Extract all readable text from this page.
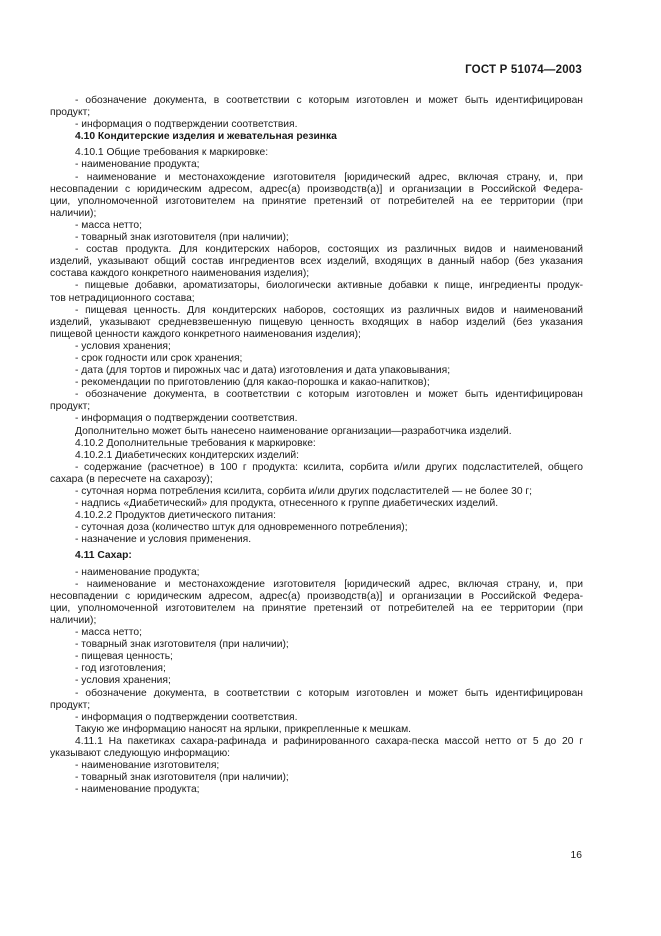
ГОСТ Р 51074—2003
- обозначение документа, в соответствии с которым изготовлен и может быть идентифицирован
продукт;
- информация о подтверждении соответствия.
4.10 Кондитерские изделия и жевательная резинка
4.10.1 Общие требования к маркировке:
- наименование продукта;
- наименование и местонахождение изготовителя [юридический адрес, включая страну, и, при
несовпадении с юридическим адресом, адрес(а) производств(а)] и организации в Российской Федера-
ции, уполномоченной изготовителем на принятие претензий от потребителей на ее территории (при
наличии);
- масса нетто;
- товарный знак изготовителя (при наличии);
- состав продукта. Для кондитерских наборов, состоящих из различных видов и наименований
изделий, указывают общий состав ингредиентов всех изделий, входящих в данный набор (без указания
состава каждого конкретного наименования изделия);
- пищевые добавки, ароматизаторы, биологически активные добавки к пище, ингредиенты продук-
тов нетрадиционного состава;
- пищевая ценность. Для кондитерских наборов, состоящих из различных видов и наименований
изделий, указывают средневзвешенную пищевую ценность входящих в набор изделий (без указания
пищевой ценности каждого конкретного наименования изделия);
- условия хранения;
- срок годности или срок хранения;
- дата (для тортов и пирожных час и дата) изготовления и дата упаковывания;
- рекомендации по приготовлению (для какао-порошка и какао-напитков);
- обозначение документа, в соответствии с которым изготовлен и может быть идентифицирован
продукт;
- информация о подтверждении соответствия.
Дополнительно может быть нанесено наименование организации—разработчика изделий.
4.10.2 Дополнительные требования к маркировке:
4.10.2.1 Диабетических кондитерских изделий:
- содержание (расчетное) в 100 г продукта: ксилита, сорбита и/или других подсластителей, общего
сахара (в пересчете на сахарозу);
- суточная норма потребления ксилита, сорбита и/или других подсластителей — не более 30 г;
- надпись «Диабетический» для продукта, отнесенного к группе диабетических изделий.
4.10.2.2 Продуктов диетического питания:
- суточная доза (количество штук для одновременного потребления);
- назначение и условия применения.
4.11 Сахар:
- наименование продукта;
- наименование и местонахождение изготовителя [юридический адрес, включая страну, и, при
несовпадении с юридическим адресом, адрес(а) производств(а)] и организации в Российской Федера-
ции, уполномоченной изготовителем на принятие претензий от потребителей на ее территории (при
наличии);
- масса нетто;
- товарный знак изготовителя (при наличии);
- пищевая ценность;
- год изготовления;
- условия хранения;
- обозначение документа, в соответствии с которым изготовлен и может быть идентифицирован
продукт;
- информация о подтверждении соответствия.
Такую же информацию наносят на ярлыки, прикрепленные к мешкам.
4.11.1 На пакетиках сахара-рафинада и рафинированного сахара-песка массой нетто от 5 до 20 г
указывают следующую информацию:
- наименование изготовителя;
- товарный знак изготовителя (при наличии);
- наименование продукта;
16
